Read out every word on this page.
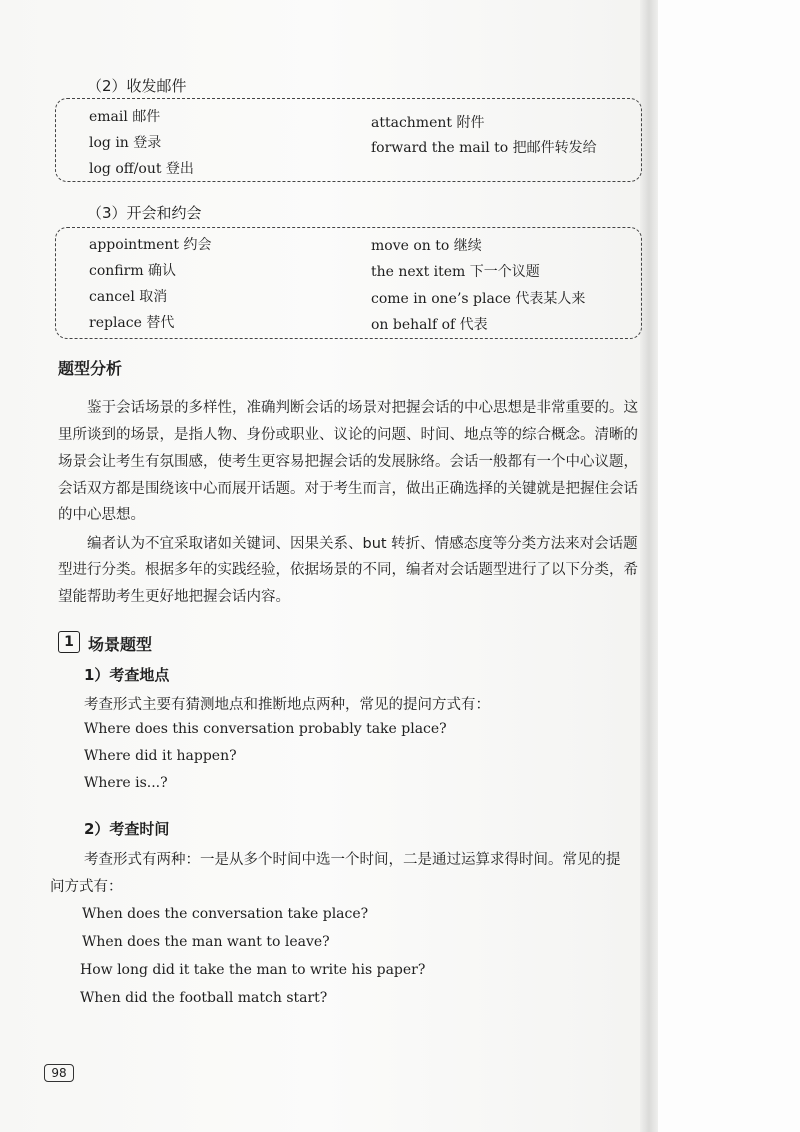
（2）收发邮件
email 邮件
log in 登录
log off/out 登出
attachment 附件
forward the mail to 把邮件转发给
（3）开会和约会
appointment 约会
confirm 确认
cancel 取消
replace 替代
move on to 继续
the next item 下一个议题
come in one’s place 代表某人来
on behalf of 代表
题型分析
鉴于会话场景的多样性，准确判断会话的场景对把握会话的中心思想是非常重要的。这
里所谈到的场景，是指人物、身份或职业、议论的问题、时间、地点等的综合概念。清晰的
场景会让考生有氛围感，使考生更容易把握会话的发展脉络。会话一般都有一个中心议题，
会话双方都是围绕该中心而展开话题。对于考生而言，做出正确选择的关键就是把握住会话
的中心思想。
编者认为不宜采取诸如关键词、因果关系、but 转折、情感态度等分类方法来对会话题
型进行分类。根据多年的实践经验，依据场景的不同，编者对会话题型进行了以下分类，希
望能帮助考生更好地把握会话内容。
1 场景题型
1）考查地点
考查形式主要有猜测地点和推断地点两种，常见的提问方式有：
Where does this conversation probably take place?
Where did it happen?
Where is...?
2）考查时间
考查形式有两种：一是从多个时间中选一个时间，二是通过运算求得时间。常见的提
问方式有：
When does the conversation take place?
When does the man want to leave?
How long did it take the man to write his paper?
When did the football match start?
98
